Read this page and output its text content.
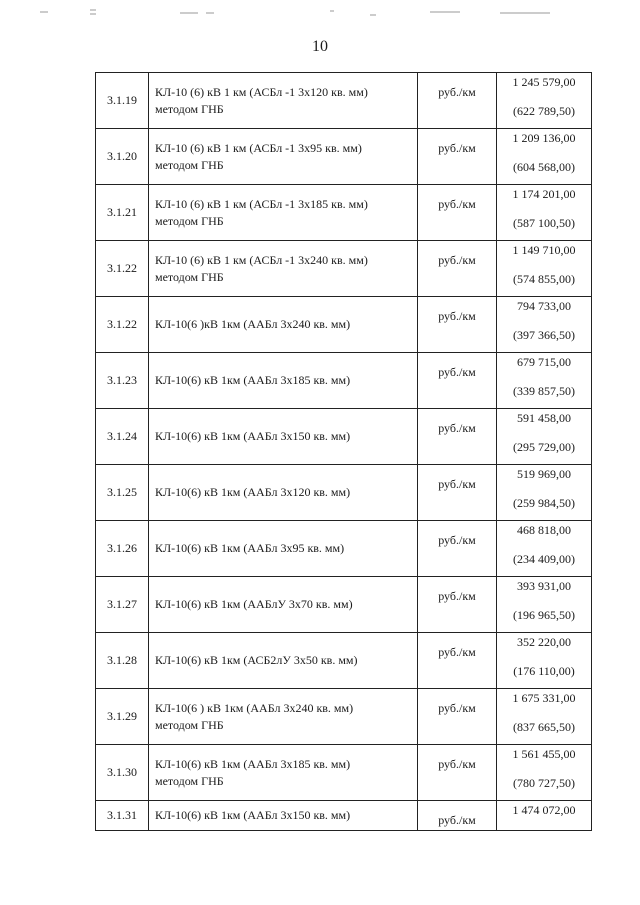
10
3.1.19	КЛ-10 (6) кВ 1 км (АСБл -1 3х120 кв. мм)
методом ГНБ	руб./км	1 245 579,00
(622 789,50)

3.1.20	КЛ-10 (6) кВ 1 км (АСБл -1 3х95 кв. мм)
методом ГНБ	руб./км	1 209 136,00
(604 568,00)

3.1.21	КЛ-10 (6) кВ 1 км (АСБл -1 3х185 кв. мм)
методом ГНБ	руб./км	1 174 201,00
(587 100,50)

3.1.22	КЛ-10 (6) кВ 1 км (АСБл -1 3х240 кв. мм)
методом ГНБ	руб./км	1 149 710,00
(574 855,00)

3.1.22	КЛ-10(6 )кВ 1км (ААБл 3х240 кв. мм)	руб./км	794 733,00
(397 366,50)

3.1.23	КЛ-10(6) кВ 1км (ААБл 3х185 кв. мм)	руб./км	679 715,00
(339 857,50)

3.1.24	КЛ-10(6) кВ 1км (ААБл 3х150 кв. мм)	руб./км	591 458,00
(295 729,00)

3.1.25	КЛ-10(6) кВ 1км (ААБл 3х120 кв. мм)	руб./км	519 969,00
(259 984,50)

3.1.26	КЛ-10(6) кВ 1км (ААБл 3х95 кв. мм)	руб./км	468 818,00
(234 409,00)

3.1.27	КЛ-10(6) кВ 1км (ААБлУ 3х70 кв. мм)	руб./км	393 931,00
(196 965,50)

3.1.28	КЛ-10(6) кВ 1км (АСБ2лУ 3х50 кв. мм)	руб./км	352 220,00
(176 110,00)

3.1.29	КЛ-10(6 ) кВ 1км (ААБл 3х240 кв. мм)
методом ГНБ	руб./км	1 675 331,00
(837 665,50)

3.1.30	КЛ-10(6) кВ 1км (ААБл 3х185 кв. мм)
методом ГНБ	руб./км	1 561 455,00
(780 727,50)

3.1.31	КЛ-10(6) кВ 1км (ААБл 3х150 кв. мм)	руб./км	1 474 072,00
